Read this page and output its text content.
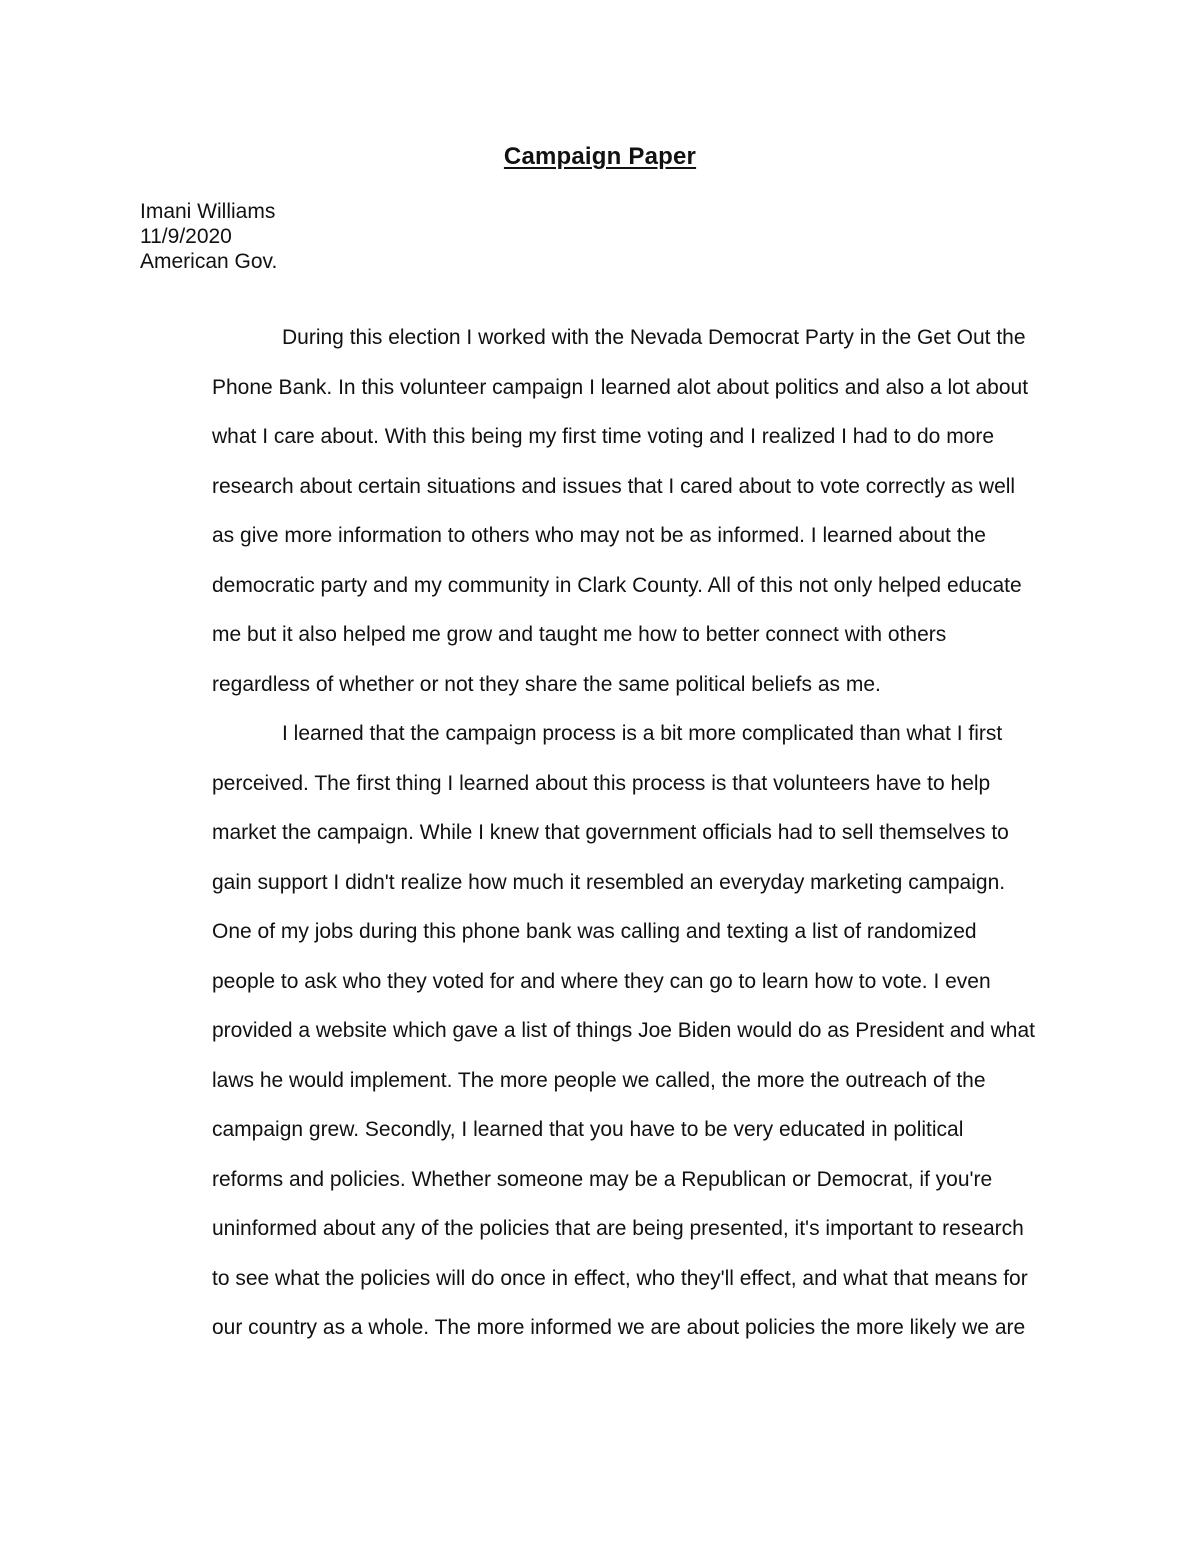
Campaign Paper
Imani Williams
11/9/2020
American Gov.
During this election I worked with the Nevada Democrat Party in the Get Out the
Phone Bank. In this volunteer campaign I learned alot about politics and also a lot about
what I care about. With this being my first time voting and I realized I had to do more
research about certain situations and issues that I cared about to vote correctly as well
as give more information to others who may not be as informed. I learned about the
democratic party and my community in Clark County. All of this not only helped educate
me but it also helped me grow and taught me how to better connect with others
regardless of whether or not they share the same political beliefs as me.
I learned that the campaign process is a bit more complicated than what I first
perceived. The first thing I learned about this process is that volunteers have to help
market the campaign. While I knew that government officials had to sell themselves to
gain support I didn't realize how much it resembled an everyday marketing campaign.
One of my jobs during this phone bank was calling and texting a list of randomized
people to ask who they voted for and where they can go to learn how to vote. I even
provided a website which gave a list of things Joe Biden would do as President and what
laws he would implement. The more people we called, the more the outreach of the
campaign grew. Secondly, I learned that you have to be very educated in political
reforms and policies. Whether someone may be a Republican or Democrat, if you're
uninformed about any of the policies that are being presented, it's important to research
to see what the policies will do once in effect, who they'll effect, and what that means for
our country as a whole. The more informed we are about policies the more likely we are
